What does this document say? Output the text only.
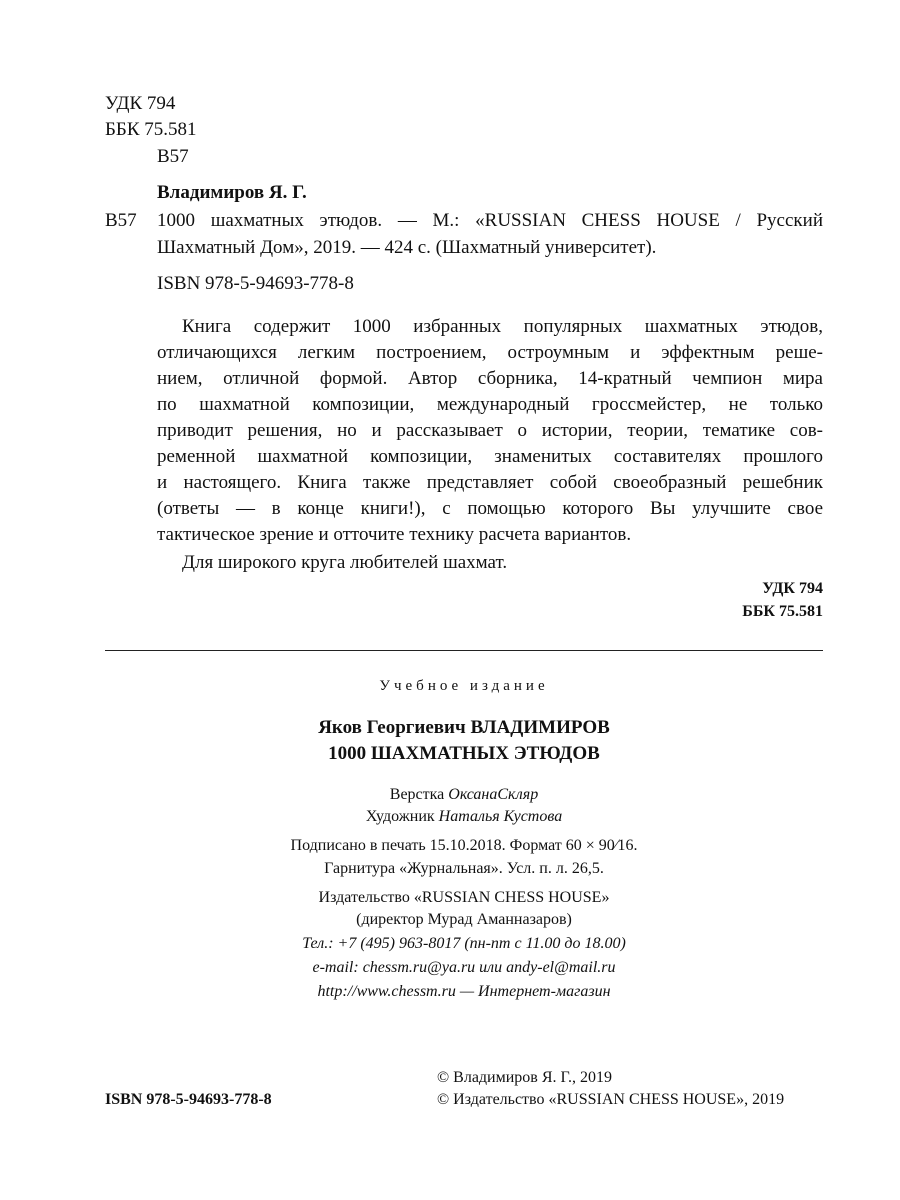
УДК 794
ББК 75.581
В57
Владимиров Я. Г.
В57 1000 шахматных этюдов. — М.: «RUSSIAN CHESS HOUSE / Русский
Шахматный Дом», 2019. — 424 с. (Шахматный университет).
ISBN 978-5-94693-778-8
Книга содержит 1000 избранных популярных шахматных этюдов,
отличающихся легким построением, остроумным и эффектным реше-
нием, отличной формой. Автор сборника, 14-кратный чемпион мира
по шахматной композиции, международный гроссмейстер, не только
приводит решения, но и рассказывает о истории, теории, тематике сов-
ременной шахматной композиции, знаменитых составителях прошлого
и настоящего. Книга также представляет собой своеобразный решебник
(ответы — в конце книги!), с помощью которого Вы улучшите свое
тактическое зрение и отточите технику расчета вариантов.
Для широкого круга любителей шахмат.
УДК 794
ББК 75.581
Учебное издание
Яков Георгиевич ВЛАДИМИРОВ
1000 ШАХМАТНЫХ ЭТЮДОВ
Верстка ОксанаСкляр
Художник Наталья Кустова
Подписано в печать 15.10.2018. Формат 60 × 90⁄16.
Гарнитура «Журнальная». Усл. п. л. 26,5.
Издательство «RUSSIAN CHESS HOUSE»
(директор Мурад Аманназаров)
Тел.: +7 (495) 963-8017 (пн-пт с 11.00 до 18.00)
e-mail: chessm.ru@ya.ru или andy-el@mail.ru
http://www.chessm.ru — Интернет-магазин
© Владимиров Я. Г., 2019
ISBN 978-5-94693-778-8	© Издательство «RUSSIAN CHESS HOUSE», 2019
